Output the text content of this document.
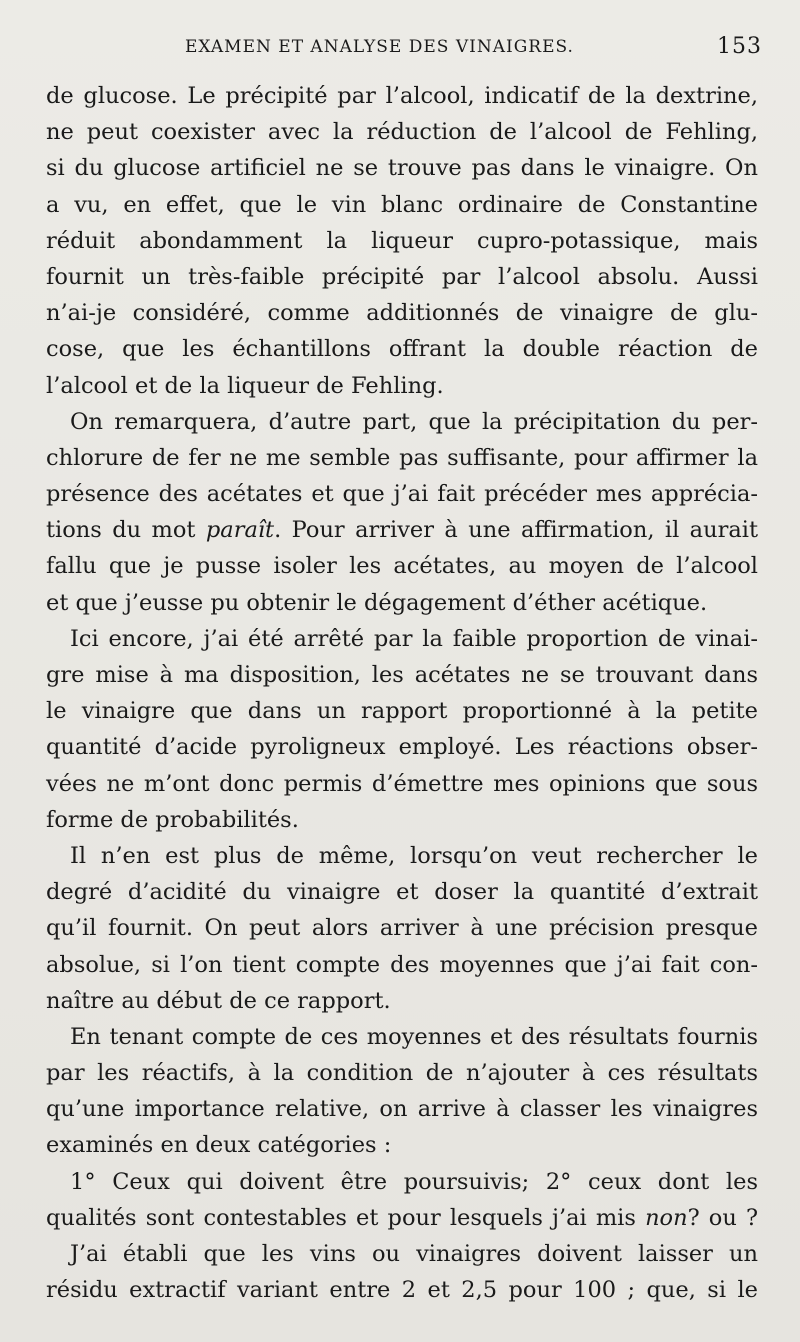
EXAMEN ET ANALYSE DES VINAIGRES.	153
de glucose. Le précipité par l’alcool, indicatif de la dextrine,
ne peut coexister avec la réduction de l’alcool de Fehling,
si du glucose artificiel ne se trouve pas dans le vinaigre. On
a vu, en effet, que le vin blanc ordinaire de Constantine
réduit abondamment la liqueur cupro-potassique, mais
fournit un très-faible précipité par l’alcool absolu. Aussi
n’ai-je considéré, comme additionnés de vinaigre de glu-
cose, que les échantillons offrant la double réaction de
l’alcool et de la liqueur de Fehling.
On remarquera, d’autre part, que la précipitation du per-
chlorure de fer ne me semble pas suffisante, pour affirmer la
présence des acétates et que j’ai fait précéder mes apprécia-
tions du mot paraît. Pour arriver à une affirmation, il aurait
fallu que je pusse isoler les acétates, au moyen de l’alcool
et que j’eusse pu obtenir le dégagement d’éther acétique.
Ici encore, j’ai été arrêté par la faible proportion de vinai-
gre mise à ma disposition, les acétates ne se trouvant dans
le vinaigre que dans un rapport proportionné à la petite
quantité d’acide pyroligneux employé. Les réactions obser-
vées ne m’ont donc permis d’émettre mes opinions que sous
forme de probabilités.
Il n’en est plus de même, lorsqu’on veut rechercher le
degré d’acidité du vinaigre et doser la quantité d’extrait
qu’il fournit. On peut alors arriver à une précision presque
absolue, si l’on tient compte des moyennes que j’ai fait con-
naître au début de ce rapport.
En tenant compte de ces moyennes et des résultats fournis
par les réactifs, à la condition de n’ajouter à ces résultats
qu’une importance relative, on arrive à classer les vinaigres
examinés en deux catégories :
1° Ceux qui doivent être poursuivis; 2° ceux dont les
qualités sont contestables et pour lesquels j’ai mis non? ou ?
J’ai établi que les vins ou vinaigres doivent laisser un
résidu extractif variant entre 2 et 2,5 pour 100 ; que, si le
